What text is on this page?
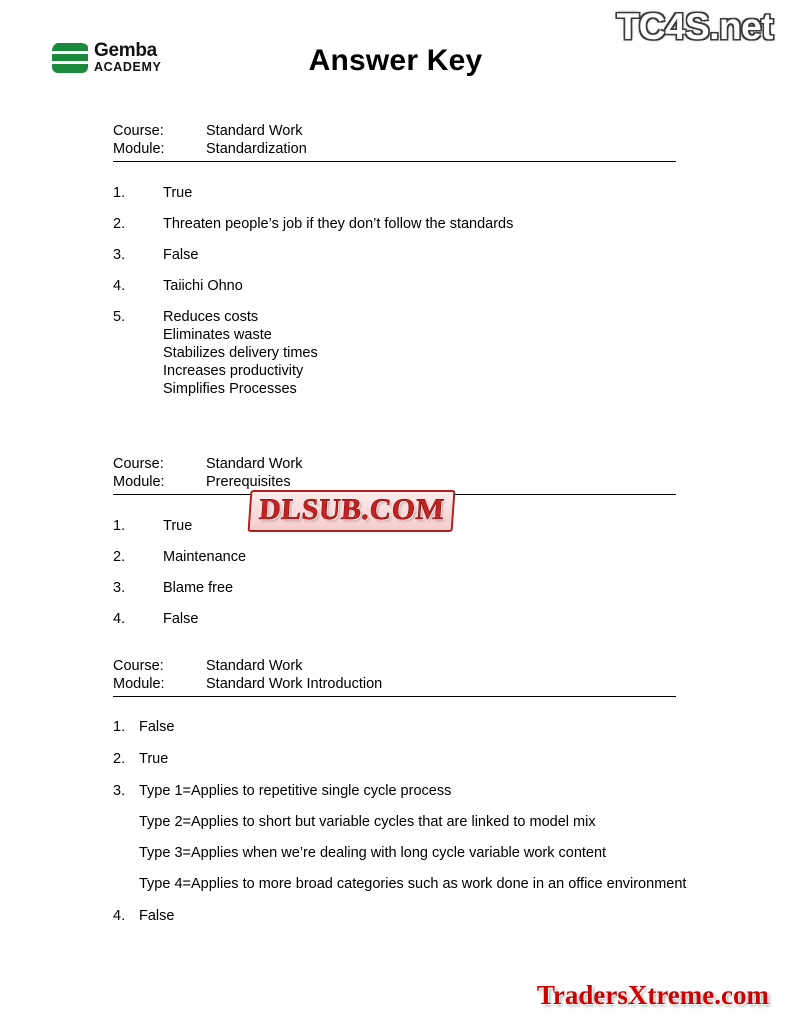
TC4S.net
Gemba
ACADEMY	Answer Key
Course:	Standard Work
Module:	Standardization
1.	True
2.	Threaten people’s job if they don’t follow the standards
3.	False
4.	Taiichi Ohno
5.	Reduces costs
Eliminates waste
Stabilizes delivery times
Increases productivity
Simplifies Processes
Course:	Standard Work
Module:	Prerequisites
1.	True
2.	Maintenance
3.	Blame free
4.	False
Course:	Standard Work
Module:	Standard Work Introduction
1. False
2. True
3. Type 1=Applies to repetitive single cycle process
Type 2=Applies to short but variable cycles that are linked to model mix
Type 3=Applies when we’re dealing with long cycle variable work content
Type 4=Applies to more broad categories such as work done in an office environment
4. False
DLSUB.COM
TradersXtreme.com
